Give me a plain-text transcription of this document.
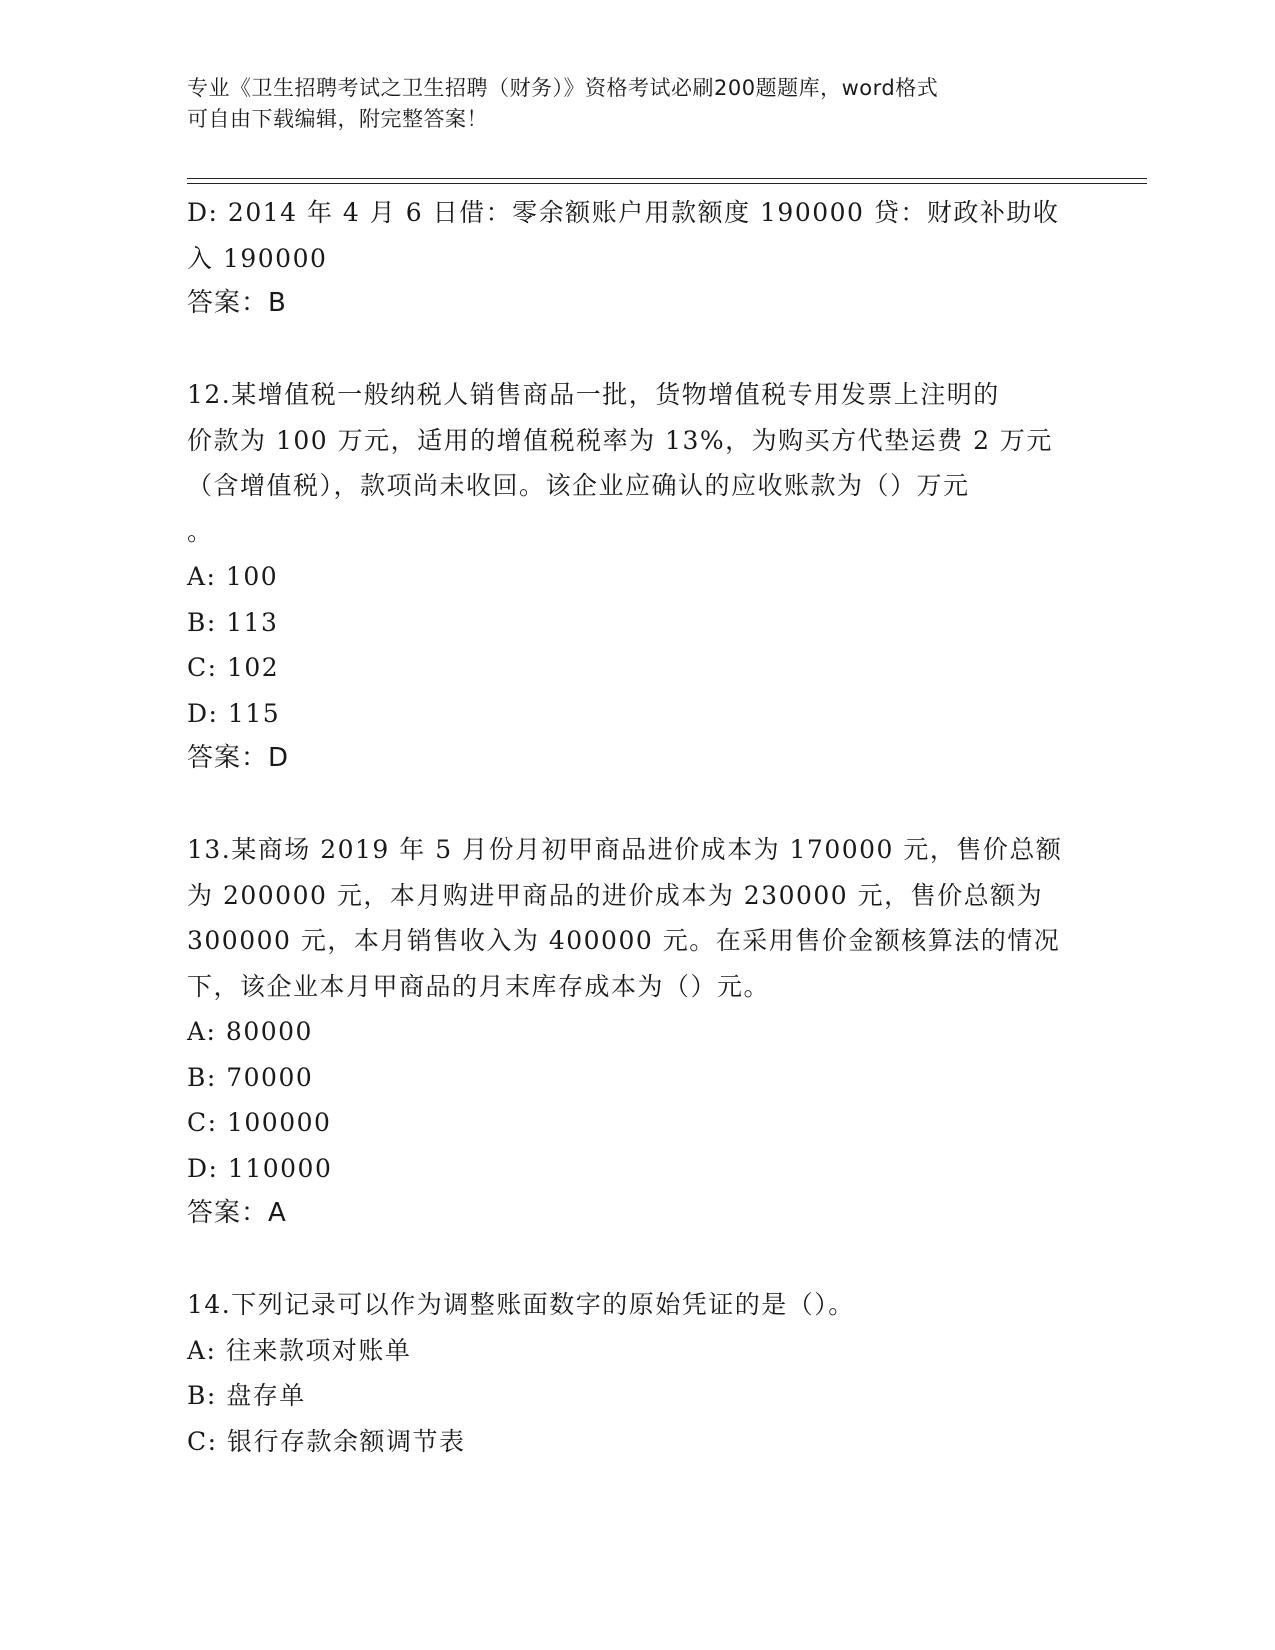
专业《卫生招聘考试之卫生招聘（财务）》资格考试必刷200题题库，word格式
可自由下载编辑，附完整答案！
D: 2014 年 4 月 6 日借：零余额账户用款额度 190000 贷：财政补助收
入 190000
答案：B
12.某增值税一般纳税人销售商品一批，货物增值税专用发票上注明的
价款为 100 万元，适用的增值税税率为 13%，为购买方代垫运费 2 万元
（含增值税），款项尚未收回。该企业应确认的应收账款为（）万元
。
A: 100
B: 113
C: 102
D: 115
答案：D
13.某商场 2019 年 5 月份月初甲商品进价成本为 170000 元，售价总额
为 200000 元，本月购进甲商品的进价成本为 230000 元，售价总额为
300000 元，本月销售收入为 400000 元。在采用售价金额核算法的情况
下，该企业本月甲商品的月末库存成本为（）元。
A: 80000
B: 70000
C: 100000
D: 110000
答案：A
14.下列记录可以作为调整账面数字的原始凭证的是（）。
A: 往来款项对账单
B: 盘存单
C: 银行存款余额调节表
